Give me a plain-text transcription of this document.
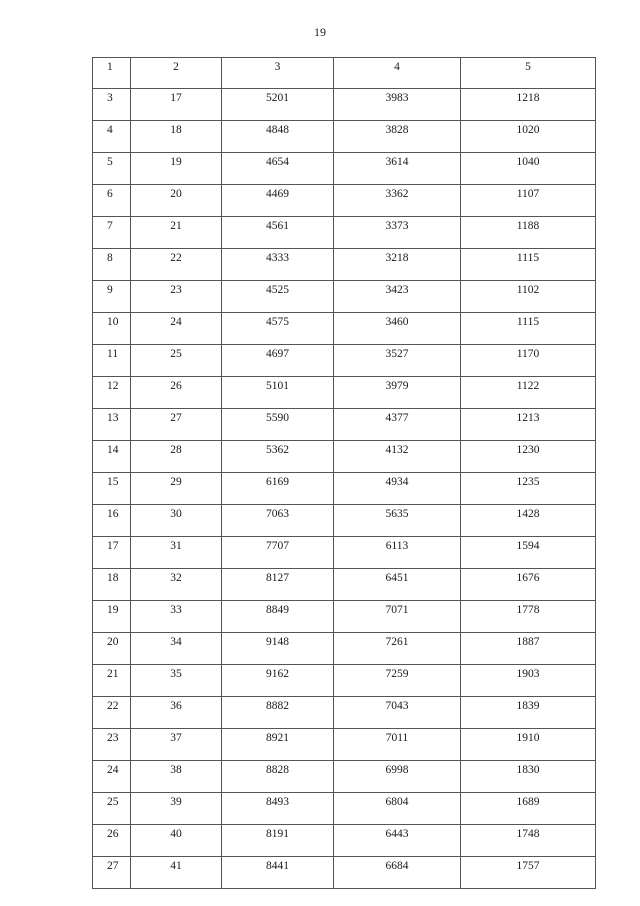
19
1	2	3	4	5
3	17	5201	3983	1218
4	18	4848	3828	1020
5	19	4654	3614	1040
6	20	4469	3362	1107
7	21	4561	3373	1188
8	22	4333	3218	1115
9	23	4525	3423	1102
10	24	4575	3460	1115
11	25	4697	3527	1170
12	26	5101	3979	1122
13	27	5590	4377	1213
14	28	5362	4132	1230
15	29	6169	4934	1235
16	30	7063	5635	1428
17	31	7707	6113	1594
18	32	8127	6451	1676
19	33	8849	7071	1778
20	34	9148	7261	1887
21	35	9162	7259	1903
22	36	8882	7043	1839
23	37	8921	7011	1910
24	38	8828	6998	1830
25	39	8493	6804	1689
26	40	8191	6443	1748
27	41	8441	6684	1757
